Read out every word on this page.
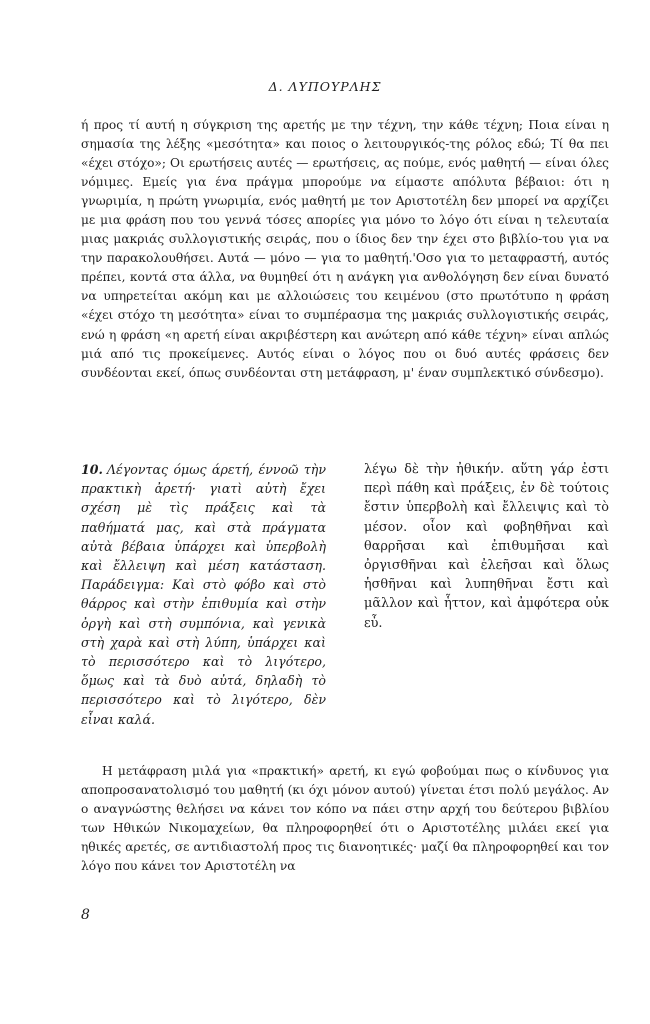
Δ. ΛΥΠΟΥΡΛΗΣ

ή προς τί αυτή η σύγκριση της αρετής με την τέχνη, την κάθε τέχνη; Ποια είναι η σημασία της λέξης «μεσότητα» και ποιος ο λειτουργικός-της ρόλος εδώ; Τί θα πει «έχει στόχο»; Οι ερωτήσεις αυτές — ερωτήσεις, ας πούμε, ενός μαθητή — είναι όλες νόμιμες. Εμείς για ένα πράγμα μπορούμε να είμαστε απόλυτα βέβαιοι: ότι η γνωριμία, η πρώτη γνωριμία, ενός μαθητή με τον Αριστοτέλη δεν μπορεί να αρχίζει με μια φράση που του γεννά τόσες απορίες για μόνο το λόγο ότι είναι η τελευταία μιας μακριάς συλλογιστικής σειράς, που ο ίδιος δεν την έχει στο βιβλίο-του για να την παρακολουθήσει. Αυτά — μόνο — για το μαθητή.'Οσο για το μεταφραστή, αυτός πρέπει, κοντά στα άλλα, να θυμηθεί ότι η ανάγκη για ανθολόγηση δεν είναι δυνατό να υπηρετείται ακόμη και με αλλοιώσεις του κειμένου (στο πρωτότυπο η φράση «έχει στόχο τη μεσότητα» είναι το συμπέρασμα της μακριάς συλλογιστικής σειράς, ενώ η φράση «η αρετή είναι ακριβέστερη και ανώτερη από κάθε τέχνη» είναι απλώς μιά από τις προκείμενες. Αυτός είναι ο λόγος που οι δυό αυτές φράσεις δεν συνδέονται εκεί, όπως συνδέονται στη μετάφραση, μ' έναν συμπλεκτικό σύνδεσμο).

10. Λέγοντας όμως άρετή, έννοῶ τὴν πρακτικὴ ἀρετή· γιατὶ αὐτὴ ἔχει σχέση μὲ τὶς πράξεις καὶ τὰ παθήματά μας, καὶ στὰ πράγματα αὐτὰ βέβαια ὑπάρχει καὶ ὑπερβολὴ καὶ ἔλλειψη καὶ μέση κατάσταση. Παράδειγμα: Καὶ στὸ φόβο καὶ στὸ θάρρος καὶ στὴν ἐπιθυμία καὶ στὴν ὀργὴ καὶ στὴ συμπόνια, καὶ γενικὰ στὴ χαρὰ καὶ στὴ λύπη, ὑπάρχει καὶ τὸ περισσότερο καὶ τὸ λιγότερο, ὅμως καὶ τὰ δυὸ αὐτά, δηλαδὴ τὸ περισσότερο καὶ τὸ λιγότερο, δὲν εἶναι καλά.

λέγω δὲ τὴν ἠθικήν. αὕτη γάρ ἐστι περὶ πάθη καὶ πράξεις, ἐν δὲ τούτοις ἔστιν ὑπερβολὴ καὶ ἔλλειψις καὶ τὸ μέσον. οἷον καὶ φοβηθῆναι καὶ θαρρῆσαι καὶ ἐπιθυμῆσαι καὶ ὀργισθῆναι καὶ ἐλεῆσαι καὶ ὅλως ἡσθῆναι καὶ λυπηθῆναι ἔστι καὶ μᾶλλον καὶ ἧττον, καὶ ἀμφότερα οὐκ εὖ.

Η μετάφραση μιλά για «πρακτική» αρετή, κι εγώ φοβούμαι πως ο κίνδυνος για αποπροσανατολισμό του μαθητή (κι όχι μόνον αυτού) γίνεται έτσι πολύ μεγάλος. Αν ο αναγνώστης θελήσει να κάνει τον κόπο να πάει στην αρχή του δεύτερου βιβλίου των Ηθικών Νικομαχείων, θα πληροφορηθεί ότι ο Αριστοτέλης μιλάει εκεί για ηθικές αρετές, σε αντιδιαστολή προς τις διανοητικές· μαζί θα πληροφορηθεί και τον λόγο που κάνει τον Αριστοτέλη να

8
